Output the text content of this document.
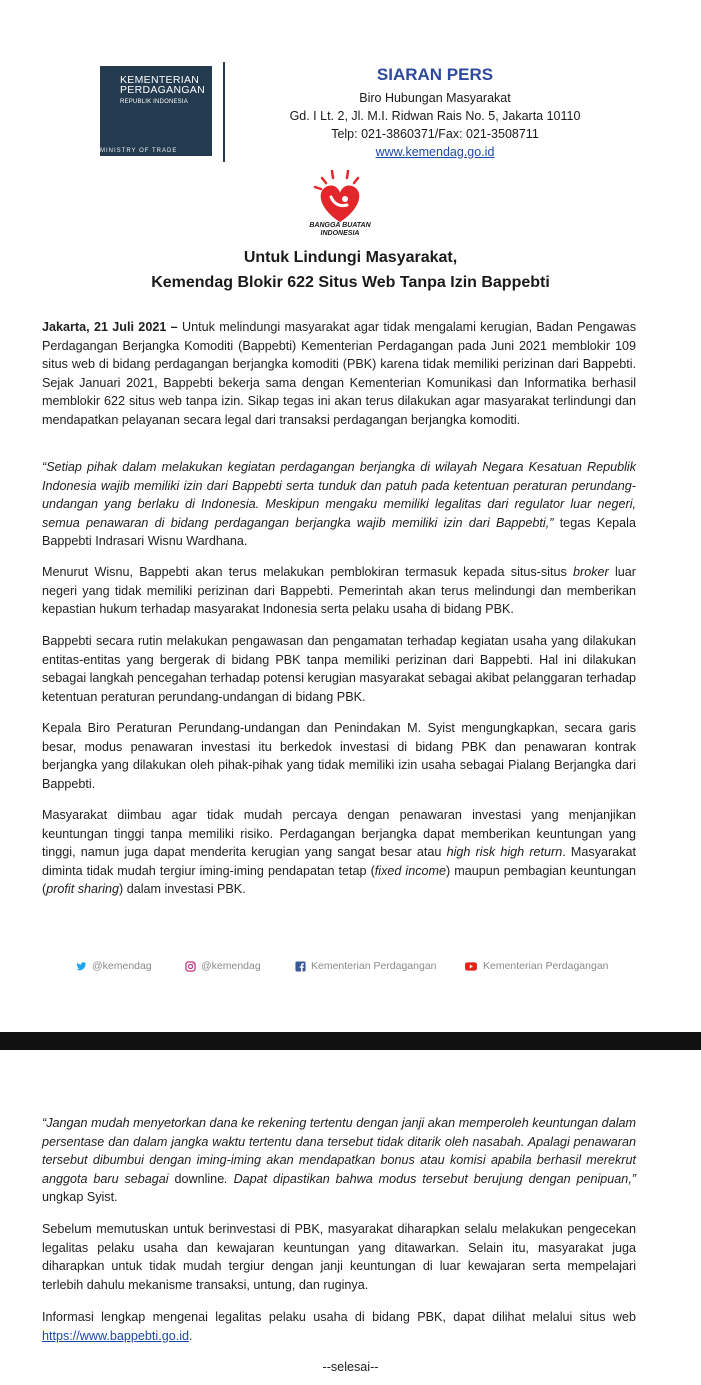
KEMENTERIAN
PERDAGANGAN
REPUBLIK INDONESIA
MINISTRY OF TRADE
SIARAN PERS
Biro Hubungan Masyarakat
Gd. I Lt. 2, Jl. M.I. Ridwan Rais No. 5, Jakarta 10110
Telp: 021-3860371/Fax: 021-3508711
www.kemendag.go.id
BANGGA BUATAN
INDONESIA
Untuk Lindungi Masyarakat,
Kemendag Blokir 622 Situs Web Tanpa Izin Bappebti

Jakarta, 21 Juli 2021 – Untuk melindungi masyarakat agar tidak mengalami kerugian, Badan Pengawas Perdagangan Berjangka Komoditi (Bappebti) Kementerian Perdagangan pada Juni 2021 memblokir 109 situs web di bidang perdagangan berjangka komoditi (PBK) karena tidak memiliki perizinan dari Bappebti. Sejak Januari 2021, Bappebti bekerja sama dengan Kementerian Komunikasi dan Informatika berhasil memblokir 622 situs web tanpa izin. Sikap tegas ini akan terus dilakukan agar masyarakat terlindungi dan mendapatkan pelayanan secara legal dari transaksi perdagangan berjangka komoditi.

“Setiap pihak dalam melakukan kegiatan perdagangan berjangka di wilayah Negara Kesatuan Republik Indonesia wajib memiliki izin dari Bappebti serta tunduk dan patuh pada ketentuan peraturan perundang-undangan yang berlaku di Indonesia. Meskipun mengaku memiliki legalitas dari regulator luar negeri, semua penawaran di bidang perdagangan berjangka wajib memiliki izin dari Bappebti,” tegas Kepala Bappebti Indrasari Wisnu Wardhana.

Menurut Wisnu, Bappebti akan terus melakukan pemblokiran termasuk kepada situs-situs broker luar negeri yang tidak memiliki perizinan dari Bappebti. Pemerintah akan terus melindungi dan memberikan kepastian hukum terhadap masyarakat Indonesia serta pelaku usaha di bidang PBK.

Bappebti secara rutin melakukan pengawasan dan pengamatan terhadap kegiatan usaha yang dilakukan entitas-entitas yang bergerak di bidang PBK tanpa memiliki perizinan dari Bappebti. Hal ini dilakukan sebagai langkah pencegahan terhadap potensi kerugian masyarakat sebagai akibat pelanggaran terhadap ketentuan peraturan perundang-undangan di bidang PBK.

Kepala Biro Peraturan Perundang-undangan dan Penindakan M. Syist mengungkapkan, secara garis besar, modus penawaran investasi itu berkedok investasi di bidang PBK dan penawaran kontrak berjangka yang dilakukan oleh pihak-pihak yang tidak memiliki izin usaha sebagai Pialang Berjangka dari Bappebti.

Masyarakat diimbau agar tidak mudah percaya dengan penawaran investasi yang menjanjikan keuntungan tinggi tanpa memiliki risiko. Perdagangan berjangka dapat memberikan keuntungan yang tinggi, namun juga dapat menderita kerugian yang sangat besar atau high risk high return. Masyarakat diminta tidak mudah tergiur iming-iming pendapatan tetap (fixed income) maupun pembagian keuntungan (profit sharing) dalam investasi PBK.

@kemendag	@kemendag	Kementerian Perdagangan	Kementerian Perdagangan

“Jangan mudah menyetorkan dana ke rekening tertentu dengan janji akan memperoleh keuntungan dalam persentase dan dalam jangka waktu tertentu dana tersebut tidak ditarik oleh nasabah. Apalagi penawaran tersebut dibumbui dengan iming-iming akan mendapatkan bonus atau komisi apabila berhasil merekrut anggota baru sebagai downline. Dapat dipastikan bahwa modus tersebut berujung dengan penipuan,” ungkap Syist.

Sebelum memutuskan untuk berinvestasi di PBK, masyarakat diharapkan selalu melakukan pengecekan legalitas pelaku usaha dan kewajaran keuntungan yang ditawarkan. Selain itu, masyarakat juga diharapkan untuk tidak mudah tergiur dengan janji keuntungan di luar kewajaran serta mempelajari terlebih dahulu mekanisme transaksi, untung, dan ruginya.

Informasi lengkap mengenai legalitas pelaku usaha di bidang PBK, dapat dilihat melalui situs web https://www.bappebti.go.id.

--selesai--
